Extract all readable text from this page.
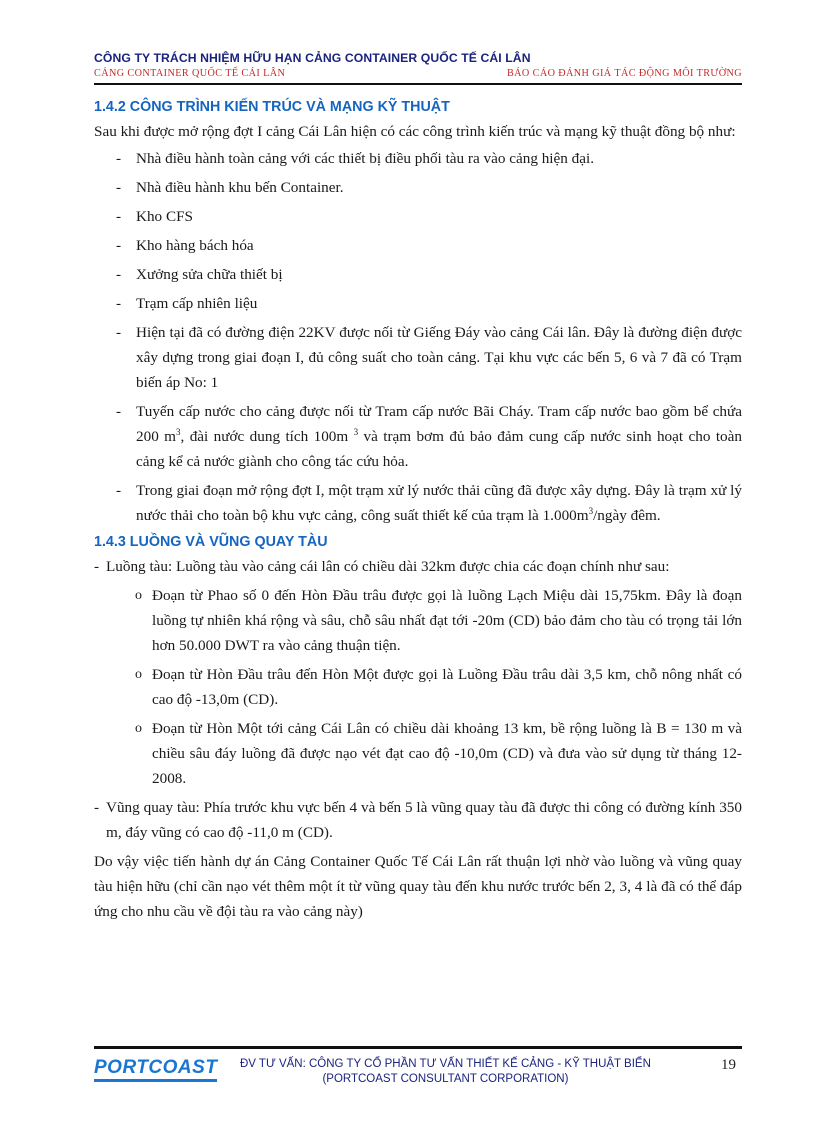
CÔNG TY TRÁCH NHIỆM HỮU HẠN CẢNG CONTAINER QUỐC TẾ CÁI LÂN
CẢNG CONTAINER QUỐC TẾ CÁI LÂN	BÁO CÁO ĐÁNH GIÁ TÁC ĐỘNG MÔI TRƯỜNG
1.4.2 CÔNG TRÌNH KIẾN TRÚC VÀ MẠNG KỸ THUẬT

Sau khi được mở rộng đợt I cảng Cái Lân hiện có các công trình kiến trúc và mạng kỹ thuật đồng bộ như:

- Nhà điều hành toàn cảng với các thiết bị điều phối tàu ra vào cảng hiện đại.
- Nhà điều hành khu bến Container.
- Kho CFS
- Kho hàng bách hóa
- Xưởng sửa chữa thiết bị
- Trạm cấp nhiên liệu
- Hiện tại đã có đường điện 22KV được nối từ Giếng Đáy vào cảng Cái lân. Đây là đường điện được xây dựng trong giai đoạn I, đủ công suất cho toàn cảng. Tại khu vực các bến 5, 6 và 7 đã có Trạm biến áp No: 1
- Tuyến cấp nước cho cảng được nối từ Tram cấp nước Bãi Cháy. Tram cấp nước bao gồm bể chứa 200 $m^3$, đài nước dung tích 100m $^3$ và trạm bơm đủ bảo đảm cung cấp nước sinh hoạt cho toàn cảng kể cả nước giành cho công tác cứu hỏa.
- Trong giai đoạn mở rộng đợt I, một trạm xử lý nước thải cũng đã được xây dựng. Đây là trạm xử lý nước thải cho toàn bộ khu vực cảng, công suất thiết kế của trạm là $1.000m^3$/ngày đêm.
1.4.3 LUỒNG VÀ VŨNG QUAY TÀU
- Luồng tàu: Luồng tàu vào cảng cái lân có chiều dài 32km được chia các đoạn chính như sau:
o Đoạn từ Phao số 0 đến Hòn Đầu trâu được gọi là luồng Lạch Miệu dài 15,75km. Đây là đoạn luồng tự nhiên khá rộng và sâu, chỗ sâu nhất đạt tới -20m (CD) bảo đảm cho tàu có trọng tải lớn hơn 50.000 DWT ra vào cảng thuận tiện.
o Đoạn từ Hòn Đầu trâu đến Hòn Một được gọi là Luồng Đầu trâu dài 3,5 km, chỗ nông nhất có cao độ -13,0m (CD).
o Đoạn từ Hòn Một tới cảng Cái Lân có chiều dài khoảng 13 km, bề rộng luồng là B = 130 m và chiều sâu đáy luồng đã được nạo vét đạt cao độ -10,0m (CD) và đưa vào sử dụng từ tháng 12-2008.
- Vũng quay tàu: Phía trước khu vực bến 4 và bến 5 là vũng quay tàu đã được thi công có đường kính 350 m, đáy vũng có cao độ -11,0 m (CD).

Do vậy việc tiến hành dự án Cảng Container Quốc Tế Cái Lân rất thuận lợi nhờ vào luồng và vũng quay tàu hiện hữu (chỉ cần nạo vét thêm một ít từ vũng quay tàu đến khu nước trước bến 2, 3, 4 là đã có thể đáp ứng cho nhu cầu về đội tàu ra vào cảng này)

PORTCOAST	ĐV TƯ VẤN: CÔNG TY CỔ PHẦN TƯ VẤN THIẾT KẾ CẢNG - KỸ THUẬT BIỂN
(PORTCOAST CONSULTANT CORPORATION)
19
